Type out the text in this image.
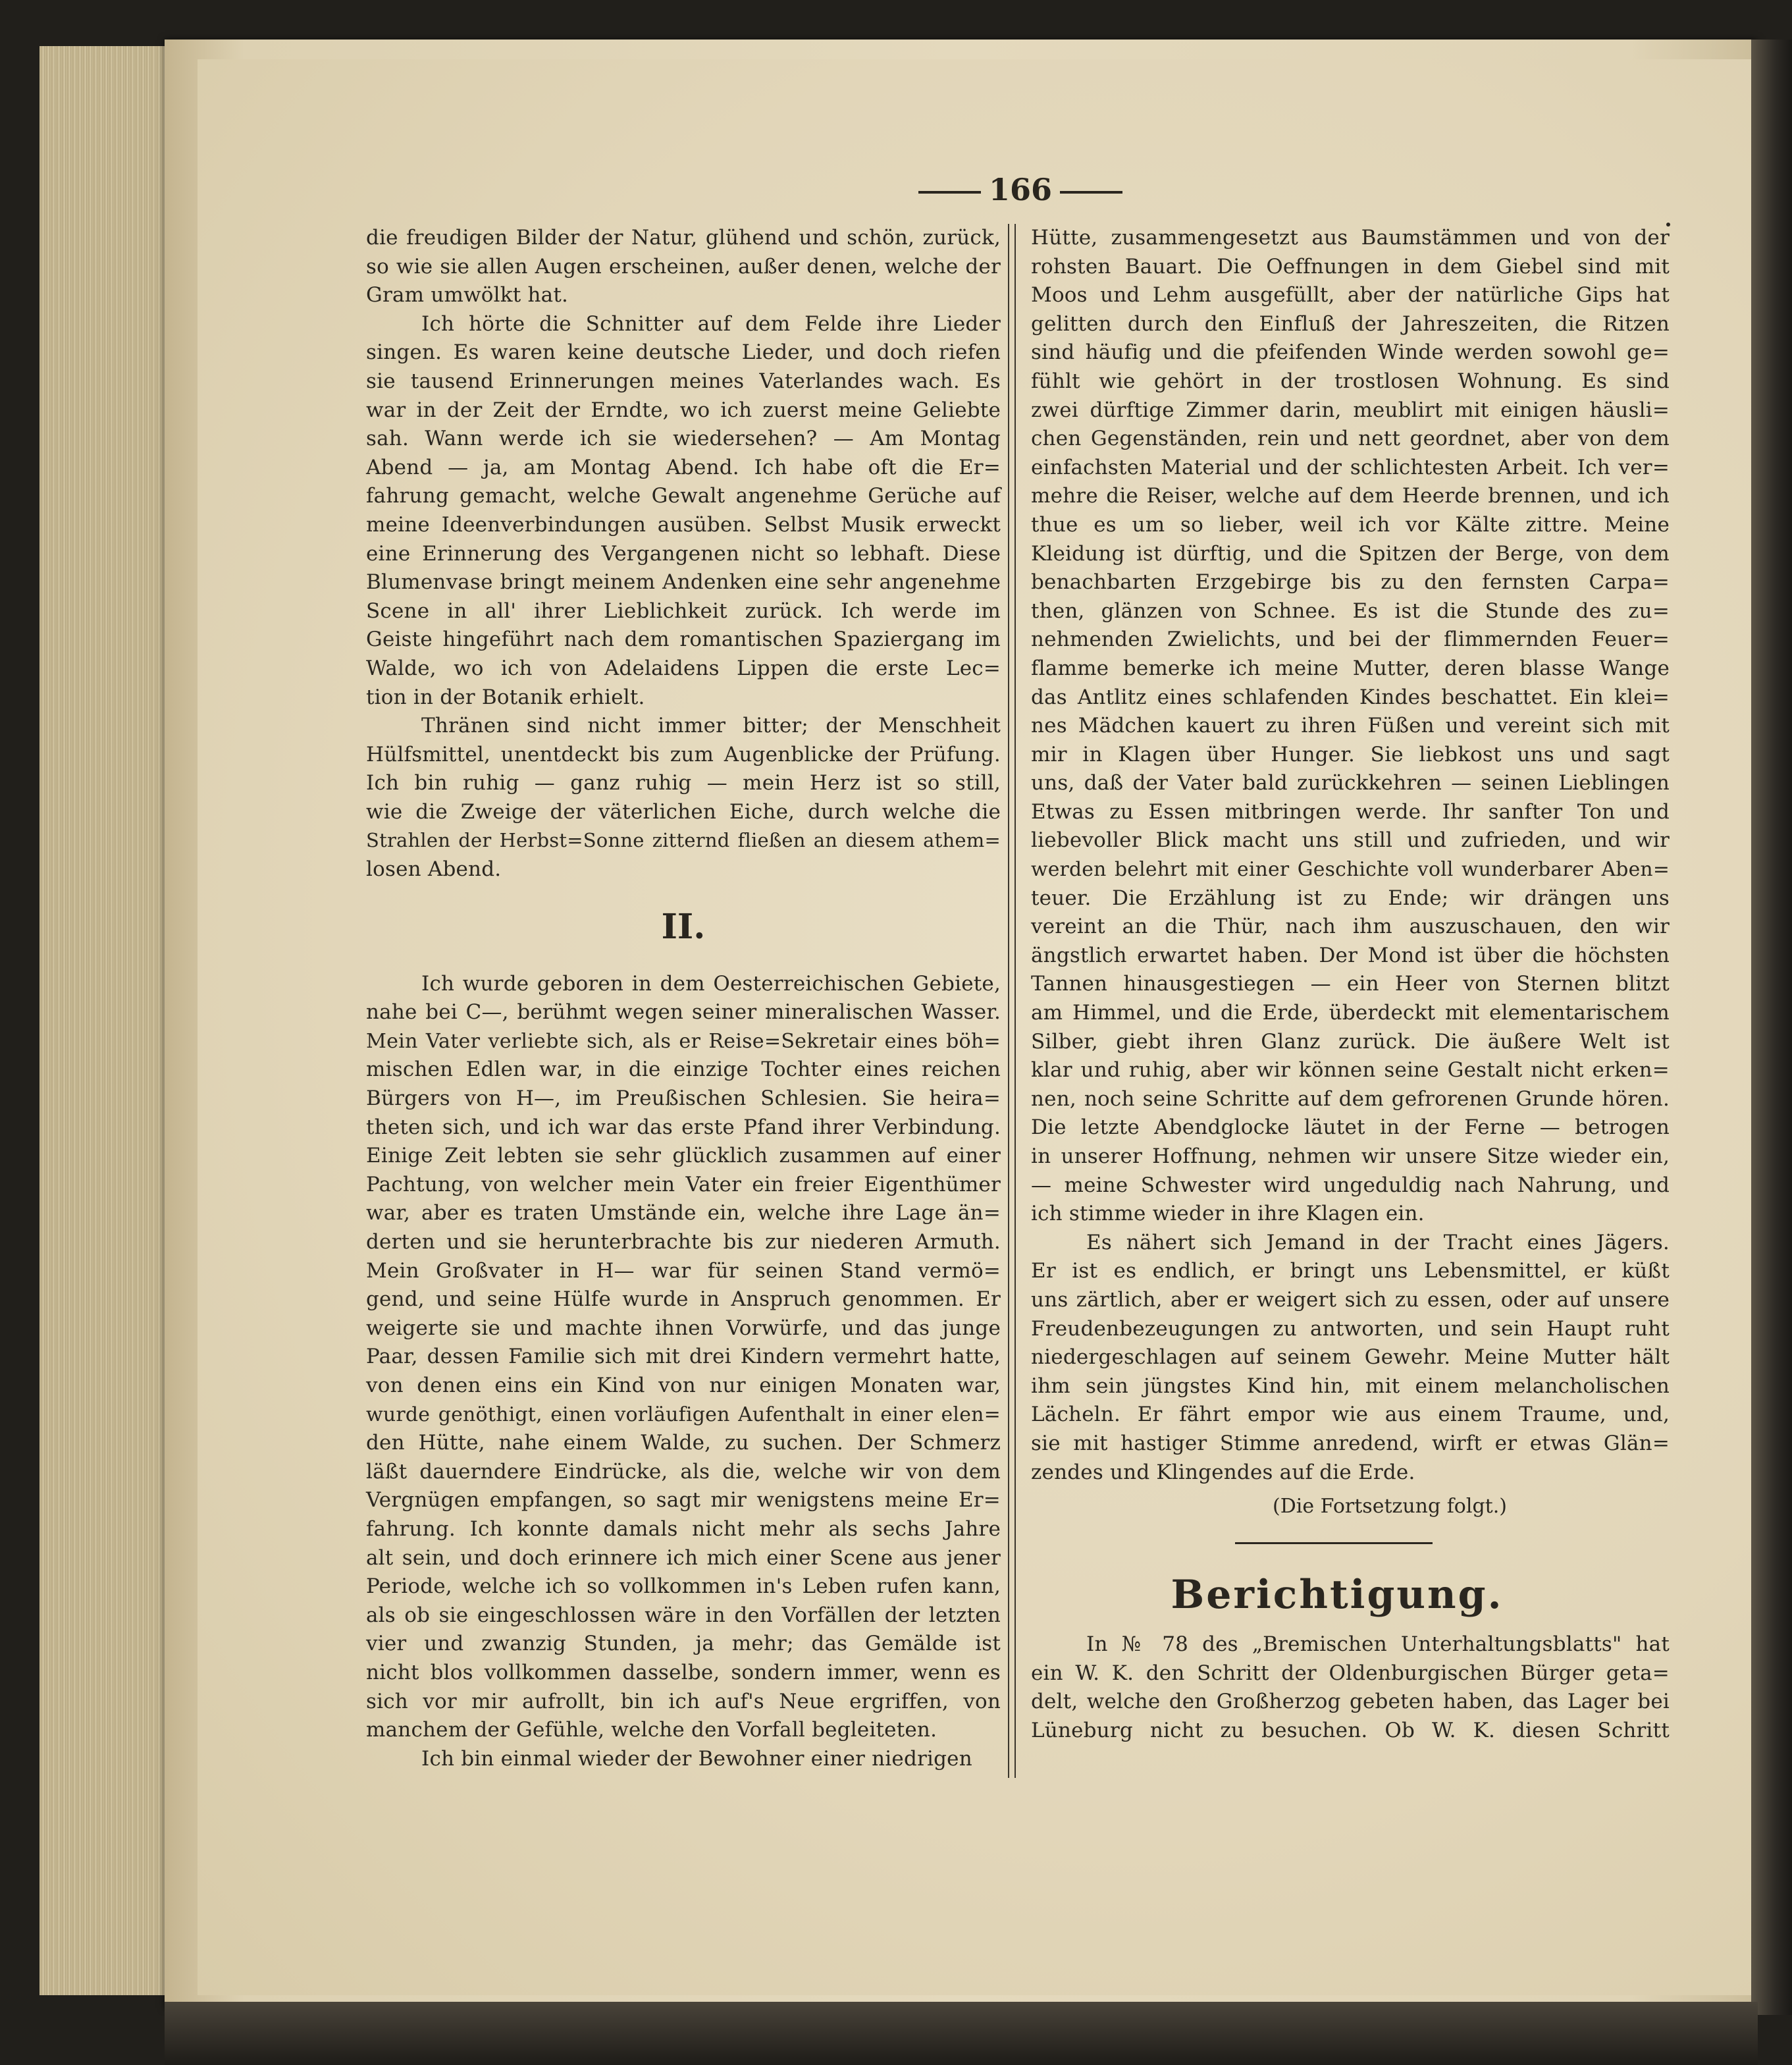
166
die freudigen Bilder der Natur, glühend und schön, zurück,
so wie sie allen Augen erscheinen, außer denen, welche der
Gram umwölkt hat.
Ich hörte die Schnitter auf dem Felde ihre Lieder
singen. Es waren keine deutsche Lieder, und doch riefen
sie tausend Erinnerungen meines Vaterlandes wach. Es
war in der Zeit der Erndte, wo ich zuerst meine Geliebte
sah. Wann werde ich sie wiedersehen? — Am Montag
Abend — ja, am Montag Abend. Ich habe oft die Er=
fahrung gemacht, welche Gewalt angenehme Gerüche auf
meine Ideenverbindungen ausüben. Selbst Musik erweckt
eine Erinnerung des Vergangenen nicht so lebhaft. Diese
Blumenvase bringt meinem Andenken eine sehr angenehme
Scene in all' ihrer Lieblichkeit zurück. Ich werde im
Geiste hingeführt nach dem romantischen Spaziergang im
Walde, wo ich von Adelaidens Lippen die erste Lec=
tion in der Botanik erhielt.
Thränen sind nicht immer bitter; der Menschheit
Hülfsmittel, unentdeckt bis zum Augenblicke der Prüfung.
Ich bin ruhig — ganz ruhig — mein Herz ist so still,
wie die Zweige der väterlichen Eiche, durch welche die
Strahlen der Herbst=Sonne zitternd fließen an diesem athem=
losen Abend.
II.
Ich wurde geboren in dem Oesterreichischen Gebiete,
nahe bei C—, berühmt wegen seiner mineralischen Wasser.
Mein Vater verliebte sich, als er Reise=Sekretair eines böh=
mischen Edlen war, in die einzige Tochter eines reichen
Bürgers von H—, im Preußischen Schlesien. Sie heira=
theten sich, und ich war das erste Pfand ihrer Verbindung.
Einige Zeit lebten sie sehr glücklich zusammen auf einer
Pachtung, von welcher mein Vater ein freier Eigenthümer
war, aber es traten Umstände ein, welche ihre Lage än=
derten und sie herunterbrachte bis zur niederen Armuth.
Mein Großvater in H— war für seinen Stand vermö=
gend, und seine Hülfe wurde in Anspruch genommen. Er
weigerte sie und machte ihnen Vorwürfe, und das junge
Paar, dessen Familie sich mit drei Kindern vermehrt hatte,
von denen eins ein Kind von nur einigen Monaten war,
wurde genöthigt, einen vorläufigen Aufenthalt in einer elen=
den Hütte, nahe einem Walde, zu suchen. Der Schmerz
läßt dauerndere Eindrücke, als die, welche wir von dem
Vergnügen empfangen, so sagt mir wenigstens meine Er=
fahrung. Ich konnte damals nicht mehr als sechs Jahre
alt sein, und doch erinnere ich mich einer Scene aus jener
Periode, welche ich so vollkommen in's Leben rufen kann,
als ob sie eingeschlossen wäre in den Vorfällen der letzten
vier und zwanzig Stunden, ja mehr; das Gemälde ist
nicht blos vollkommen dasselbe, sondern immer, wenn es
sich vor mir aufrollt, bin ich auf's Neue ergriffen, von
manchem der Gefühle, welche den Vorfall begleiteten.
Ich bin einmal wieder der Bewohner einer niedrigen
Hütte, zusammengesetzt aus Baumstämmen und von der
rohsten Bauart. Die Oeffnungen in dem Giebel sind mit
Moos und Lehm ausgefüllt, aber der natürliche Gips hat
gelitten durch den Einfluß der Jahreszeiten, die Ritzen
sind häufig und die pfeifenden Winde werden sowohl ge=
fühlt wie gehört in der trostlosen Wohnung. Es sind
zwei dürftige Zimmer darin, meublirt mit einigen häusli=
chen Gegenständen, rein und nett geordnet, aber von dem
einfachsten Material und der schlichtesten Arbeit. Ich ver=
mehre die Reiser, welche auf dem Heerde brennen, und ich
thue es um so lieber, weil ich vor Kälte zittre. Meine
Kleidung ist dürftig, und die Spitzen der Berge, von dem
benachbarten Erzgebirge bis zu den fernsten Carpa=
then, glänzen von Schnee. Es ist die Stunde des zu=
nehmenden Zwielichts, und bei der flimmernden Feuer=
flamme bemerke ich meine Mutter, deren blasse Wange
das Antlitz eines schlafenden Kindes beschattet. Ein klei=
nes Mädchen kauert zu ihren Füßen und vereint sich mit
mir in Klagen über Hunger. Sie liebkost uns und sagt
uns, daß der Vater bald zurückkehren — seinen Lieblingen
Etwas zu Essen mitbringen werde. Ihr sanfter Ton und
liebevoller Blick macht uns still und zufrieden, und wir
werden belehrt mit einer Geschichte voll wunderbarer Aben=
teuer. Die Erzählung ist zu Ende; wir drängen uns
vereint an die Thür, nach ihm auszuschauen, den wir
ängstlich erwartet haben. Der Mond ist über die höchsten
Tannen hinausgestiegen — ein Heer von Sternen blitzt
am Himmel, und die Erde, überdeckt mit elementarischem
Silber, giebt ihren Glanz zurück. Die äußere Welt ist
klar und ruhig, aber wir können seine Gestalt nicht erken=
nen, noch seine Schritte auf dem gefrorenen Grunde hören.
Die letzte Abendglocke läutet in der Ferne — betrogen
in unserer Hoffnung, nehmen wir unsere Sitze wieder ein,
— meine Schwester wird ungeduldig nach Nahrung, und
ich stimme wieder in ihre Klagen ein.
Es nähert sich Jemand in der Tracht eines Jägers.
Er ist es endlich, er bringt uns Lebensmittel, er küßt
uns zärtlich, aber er weigert sich zu essen, oder auf unsere
Freudenbezeugungen zu antworten, und sein Haupt ruht
niedergeschlagen auf seinem Gewehr. Meine Mutter hält
ihm sein jüngstes Kind hin, mit einem melancholischen
Lächeln. Er fährt empor wie aus einem Traume, und,
sie mit hastiger Stimme anredend, wirft er etwas Glän=
zendes und Klingendes auf die Erde.
(Die Fortsetzung folgt.)
Berichtigung.
In № 78 des „Bremischen Unterhaltungsblatts" hat
ein W. K. den Schritt der Oldenburgischen Bürger geta=
delt, welche den Großherzog gebeten haben, das Lager bei
Lüneburg nicht zu besuchen. Ob W. K. diesen Schritt
